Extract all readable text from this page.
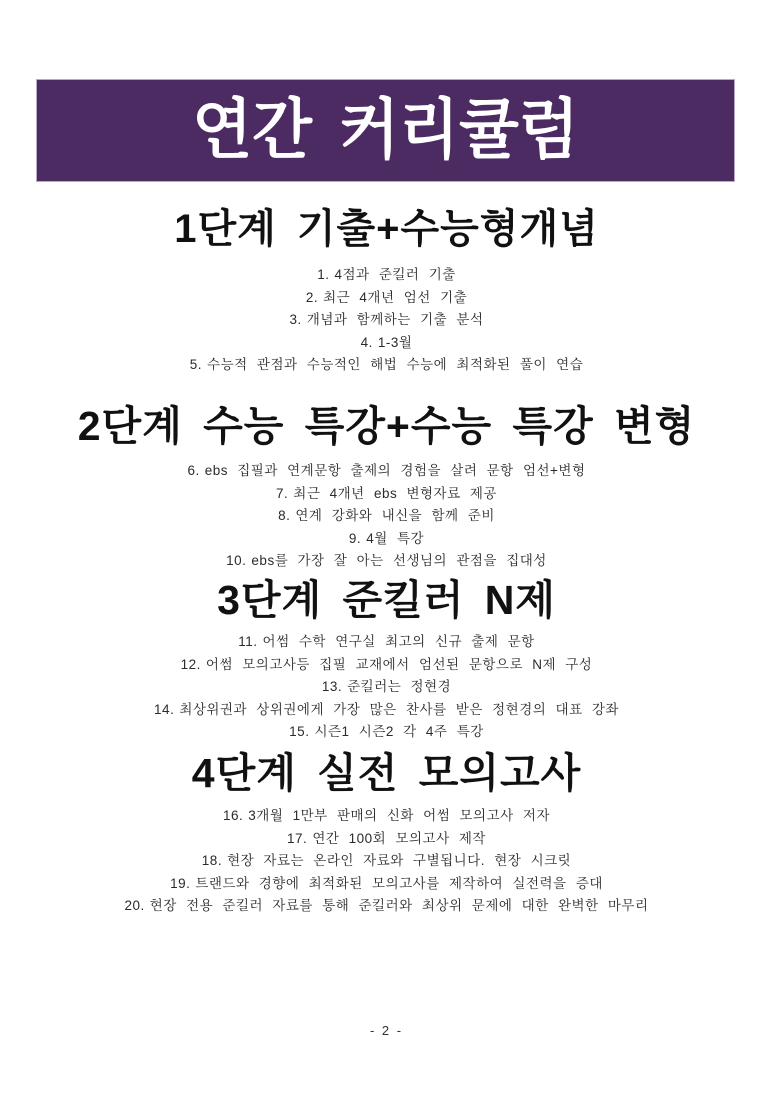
연간 커리큘럼
1단계 기출+수능형개념
1. 4점과 준킬러 기출
2. 최근 4개년 엄선 기출
3. 개념과 함께하는 기출 분석
4. 1-3월
5. 수능적 관점과 수능적인 해법 수능에 최적화된 풀이 연습
2단계 수능 특강+수능 특강 변형
6. ebs 집필과 연계문항 출제의 경험을 살려 문항 엄선+변형
7. 최근 4개년 ebs 변형자료 제공
8. 연계 강화와 내신을 함께 준비
9. 4월 특강
10. ebs를 가장 잘 아는 선생님의 관점을 집대성
3단계 준킬러 N제
11. 어썸 수학 연구실 최고의 신규 출제 문항
12. 어썸 모의고사등 집필 교재에서 엄선된 문항으로 N제 구성
13. 준킬러는 정현경
14. 최상위권과 상위권에게 가장 많은 찬사를 받은 정현경의 대표 강좌
15. 시즌1 시즌2 각 4주 특강
4단계 실전 모의고사
16. 3개월 1만부 판매의 신화 어썸 모의고사 저자
17. 연간 100회 모의고사 제작
18. 현장 자료는 온라인 자료와 구별됩니다. 현장 시크릿
19. 트랜드와 경향에 최적화된 모의고사를 제작하여 실전력을 증대
20. 현장 전용 준킬러 자료를 통해 준킬러와 최상위 문제에 대한 완벽한 마무리
- 2 -
